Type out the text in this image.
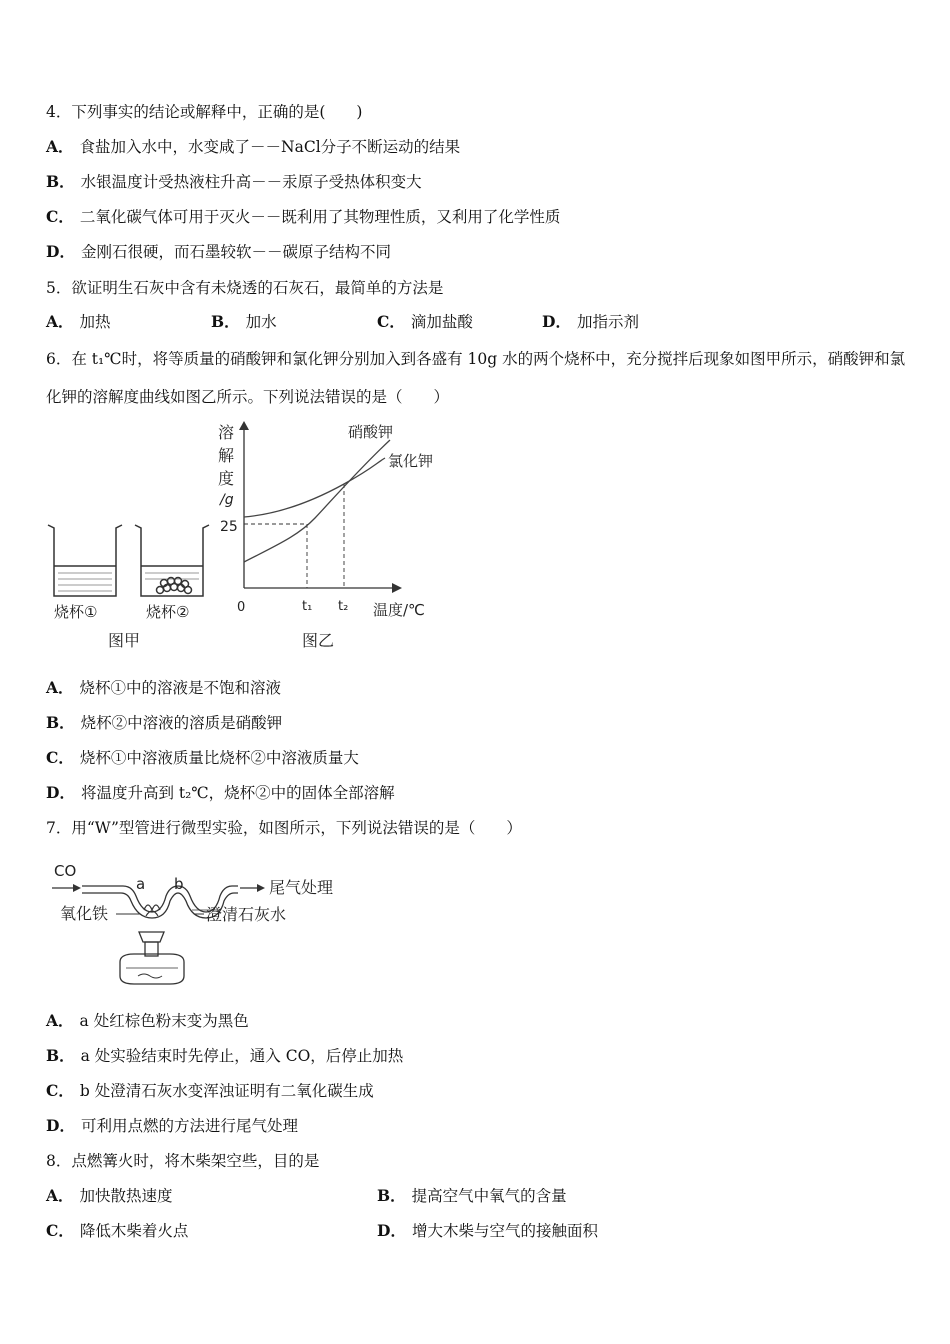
4．下列事实的结论或解释中，正确的是(　　)
A． 食盐加入水中，水变咸了－－NaCl分子不断运动的结果
B． 水银温度计受热液柱升高－－汞原子受热体积变大
C． 二氧化碳气体可用于灭火－－既利用了其物理性质，又利用了化学性质
D． 金刚石很硬，而石墨较软－－碳原子结构不同
5．欲证明生石灰中含有未烧透的石灰石，最简单的方法是
A． 加热	B． 加水	C． 滴加盐酸	D． 加指示剂
6．在 t₁℃时，将等质量的硝酸钾和氯化钾分别加入到各盛有 10g 水的两个烧杯中，充分搅拌后现象如图甲所示，硝酸钾和氯化钾的溶解度曲线如图乙所示。下列说法错误的是（　　）
烧杯①	烧杯②
图甲
溶
解
度
/g
25
0	t₁ t₂ 温度/℃
硝酸钾
氯化钾
图乙
A． 烧杯①中的溶液是不饱和溶液
B． 烧杯②中溶液的溶质是硝酸钾
C． 烧杯①中溶液质量比烧杯②中溶液质量大
D． 将温度升高到 t₂℃，烧杯②中的固体全部溶解
7．用“W”型管进行微型实验，如图所示，下列说法错误的是（　　）
CO
a b	尾气处理
氧化铁	澄清石灰水
A． a 处红棕色粉末变为黑色
B． a 处实验结束时先停止，通入 CO，后停止加热
C． b 处澄清石灰水变浑浊证明有二氧化碳生成
D． 可利用点燃的方法进行尾气处理
8．点燃篝火时，将木柴架空些，目的是
A． 加快散热速度	B． 提高空气中氧气的含量
C． 降低木柴着火点	D． 增大木柴与空气的接触面积
